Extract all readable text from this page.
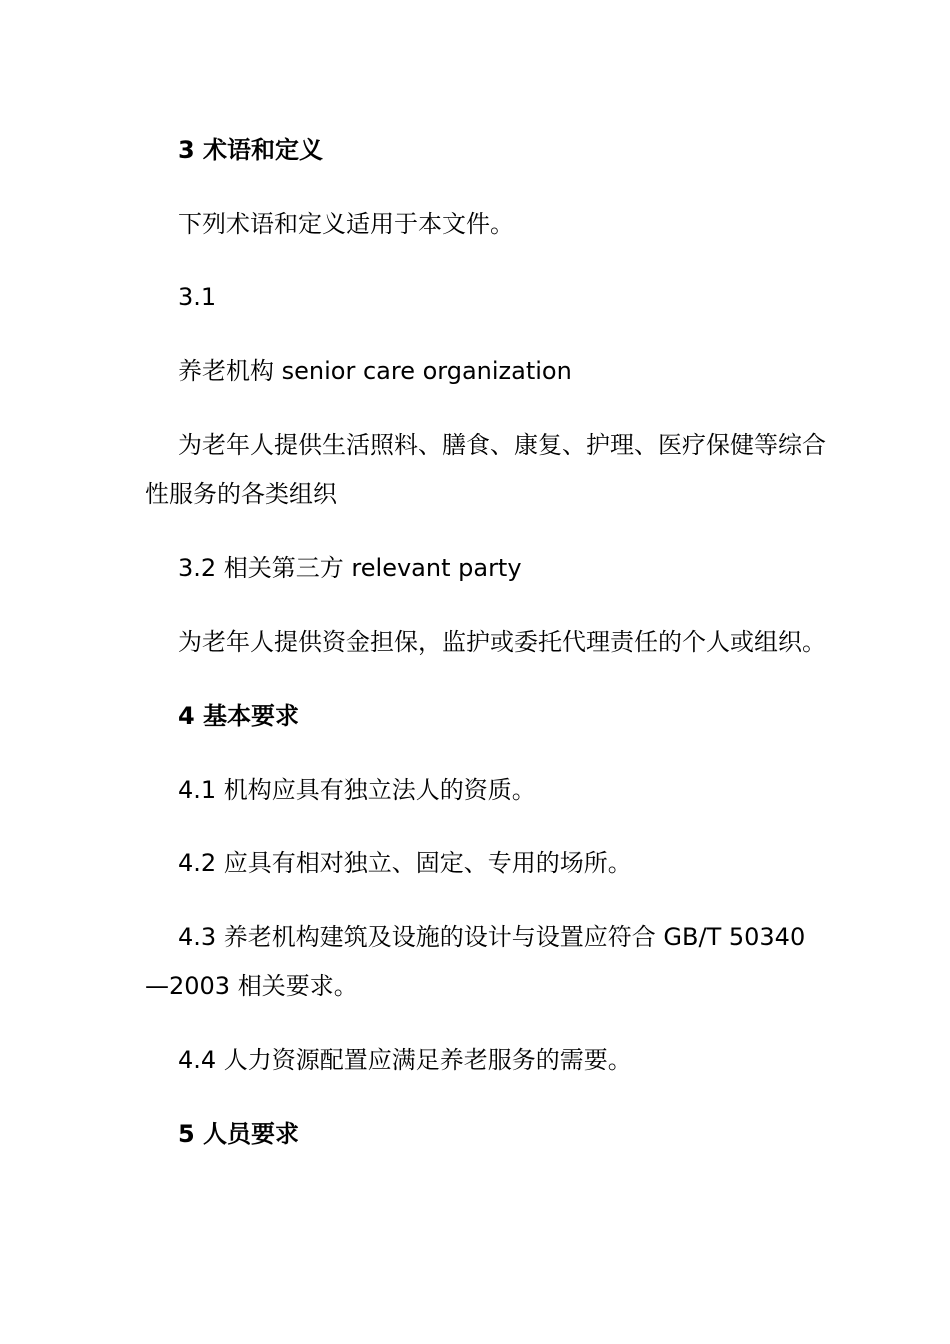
3 术语和定义
下列术语和定义适用于本文件。
3.1
养老机构 senior care organization
为老年人提供生活照料、膳食、康复、护理、医疗保健等综合
性服务的各类组织
3.2 相关第三方 relevant party
为老年人提供资金担保，监护或委托代理责任的个人或组织。
4 基本要求
4.1 机构应具有独立法人的资质。
4.2 应具有相对独立、固定、专用的场所。
4.3 养老机构建筑及设施的设计与设置应符合 GB/T 50340
—2003 相关要求。
4.4 人力资源配置应满足养老服务的需要。
5 人员要求
